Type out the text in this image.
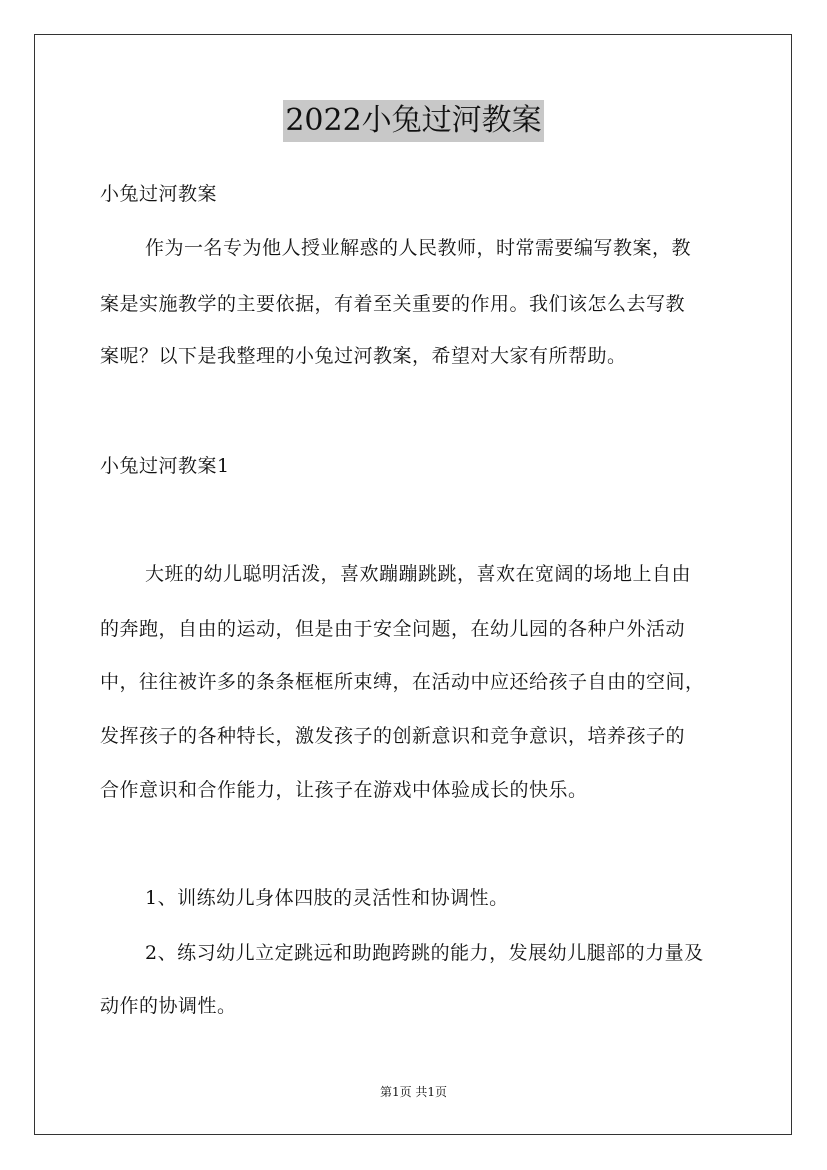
2022小兔过河教案
小兔过河教案
作为一名专为他人授业解惑的人民教师，时常需要编写教案，教
案是实施教学的主要依据，有着至关重要的作用。我们该怎么去写教
案呢？以下是我整理的小兔过河教案，希望对大家有所帮助。
小兔过河教案1
大班的幼儿聪明活泼，喜欢蹦蹦跳跳，喜欢在宽阔的场地上自由
的奔跑，自由的运动，但是由于安全问题，在幼儿园的各种户外活动
中，往往被许多的条条框框所束缚，在活动中应还给孩子自由的空间，
发挥孩子的各种特长，激发孩子的创新意识和竞争意识，培养孩子的
合作意识和合作能力，让孩子在游戏中体验成长的快乐。
1、训练幼儿身体四肢的灵活性和协调性。
2、练习幼儿立定跳远和助跑跨跳的能力，发展幼儿腿部的力量及
动作的协调性。
第1页 共1页
